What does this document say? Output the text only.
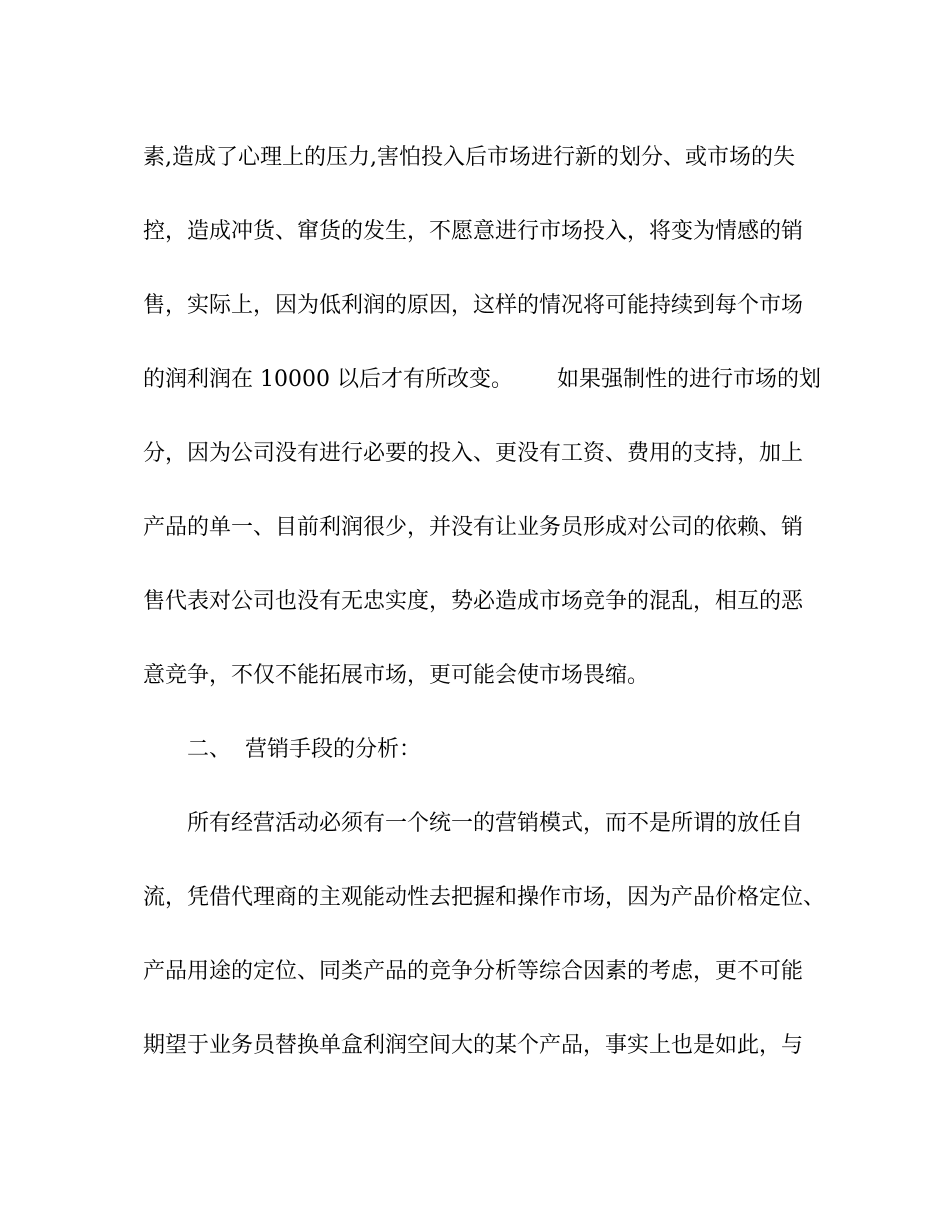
素,造成了心理上的压力,害怕投入后市场进行新的划分、或市场的失
控，造成冲货、窜货的发生，不愿意进行市场投入，将变为情感的销
售，实际上，因为低利润的原因，这样的情况将可能持续到每个市场
的润利润在 10000 以后才有所改变。 如果强制性的进行市场的划
分，因为公司没有进行必要的投入、更没有工资、费用的支持，加上
产品的单一、目前利润很少，并没有让业务员形成对公司的依赖、销
售代表对公司也没有无忠实度，势必造成市场竞争的混乱，相互的恶
意竞争，不仅不能拓展市场，更可能会使市场畏缩。
二、 营销手段的分析：
所有经营活动必须有一个统一的营销模式，而不是所谓的放任自
流，凭借代理商的主观能动性去把握和操作市场，因为产品价格定位、
产品用途的定位、同类产品的竞争分析等综合因素的考虑，更不可能
期望于业务员替换单盒利润空间大的某个产品，事实上也是如此，与
